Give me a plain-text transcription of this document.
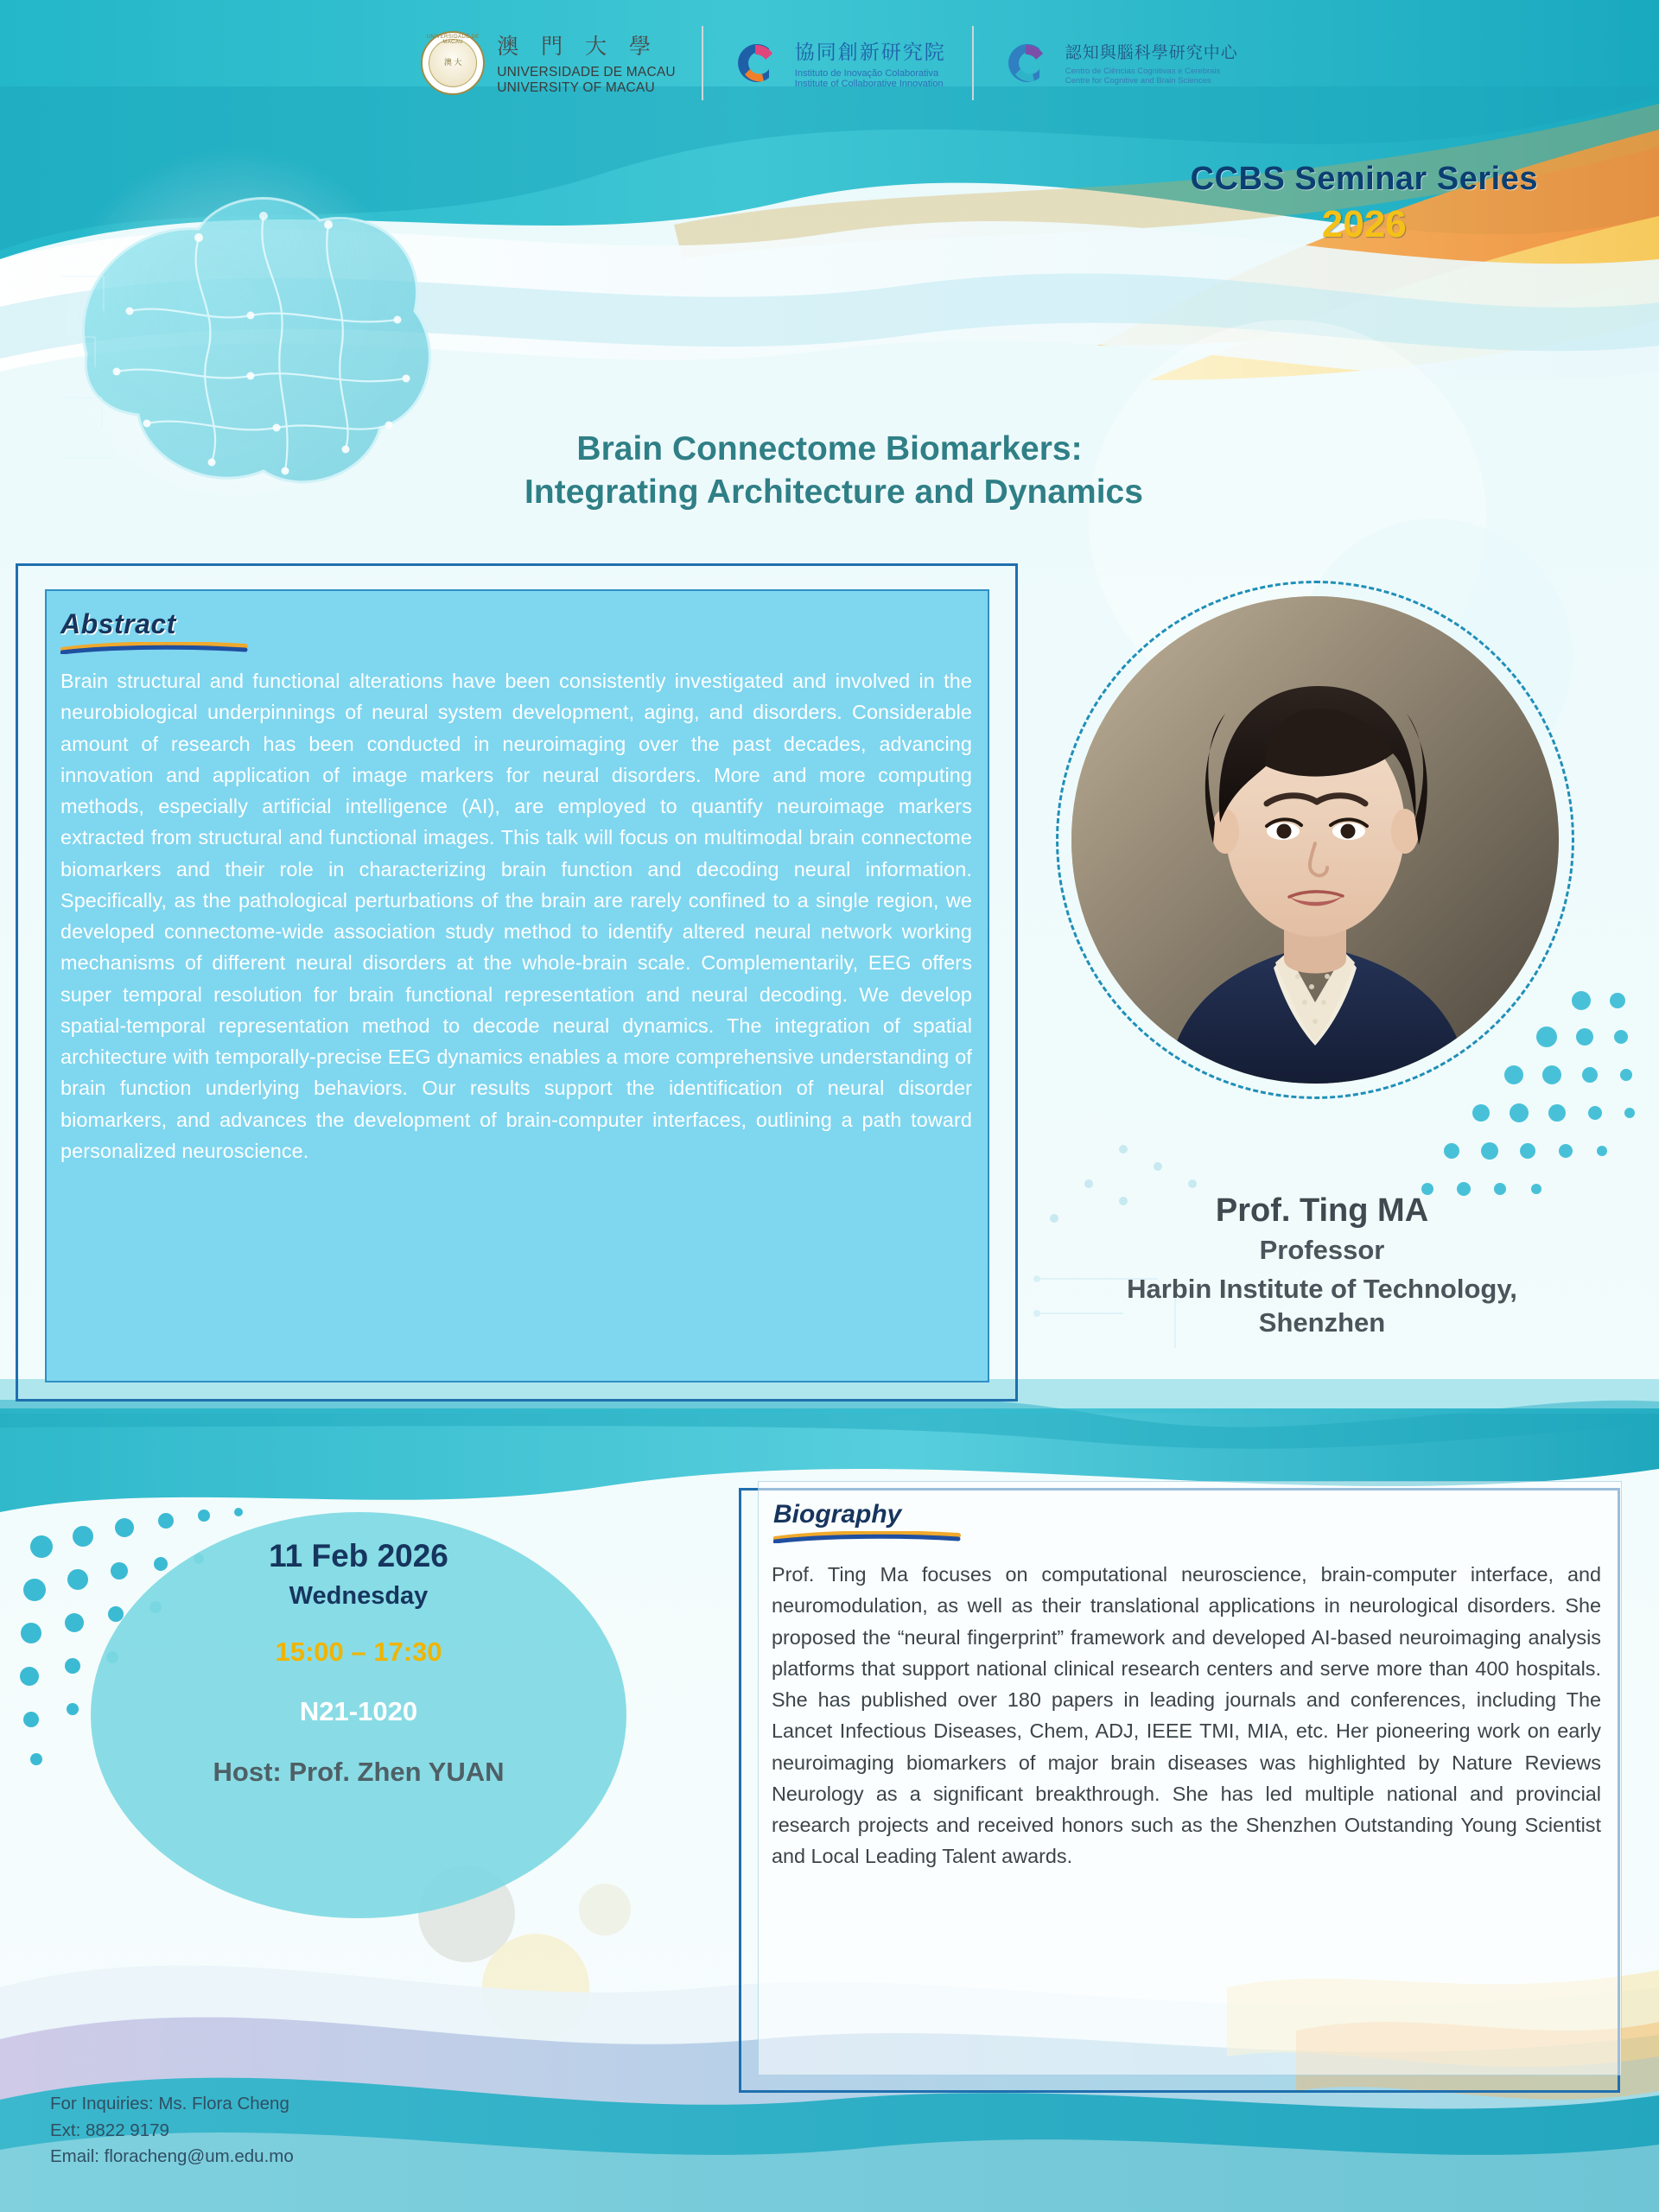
UNIVERSIDADE DE MACAU
澳 大
澳 門 大 學
UNIVERSIDADE DE MACAU
UNIVERSITY OF MACAU
協同創新研究院
Instituto de Inovação Colaborativa
Institute of Collaborative Innovation
認知與腦科學研究中心
Centro de Ciências Cognitivas e Cerebrais
Centre for Cognitive and Brain Sciences
CCBS Seminar Series
2026
Brain Connectome Biomarkers:
Integrating Architecture and Dynamics
Abstract
Brain structural and functional alterations have been consistently investigated and involved in the neurobiological underpinnings of neural system development, aging, and disorders. Considerable amount of research has been conducted in neuroimaging over the past decades, advancing innovation and application of image markers for neural disorders. More and more computing methods, especially artificial intelligence (AI), are employed to quantify neuroimage markers extracted from structural and functional images. This talk will focus on multimodal brain connectome biomarkers and their role in characterizing brain function and decoding neural information. Specifically, as the pathological perturbations of the brain are rarely confined to a single region, we developed connectome-wide association study method to identify altered neural network working mechanisms of different neural disorders at the whole-brain scale. Complementarily, EEG offers super temporal resolution for brain functional representation and neural decoding. We develop spatial-temporal representation method to decode neural dynamics. The integration of spatial architecture with temporally-precise EEG dynamics enables a more comprehensive understanding of brain function underlying behaviors. Our results support the identification of neural disorder biomarkers, and advances the development of brain-computer interfaces, outlining a path toward personalized neuroscience.
Prof. Ting MA
Professor
Harbin Institute of Technology,
Shenzhen
11 Feb 2026
Wednesday
15:00 – 17:30
N21-1020
Host: Prof. Zhen YUAN
Biography
Prof. Ting Ma focuses on computational neuroscience, brain-computer interface, and neuromodulation, as well as their translational applications in neurological disorders. She proposed the “neural fingerprint” framework and developed AI-based neuroimaging analysis platforms that support national clinical research centers and serve more than 400 hospitals. She has published over 180 papers in leading journals and conferences, including The Lancet Infectious Diseases, Chem, ADJ, IEEE TMI, MIA, etc. Her pioneering work on early neuroimaging biomarkers of major brain diseases was highlighted by Nature Reviews Neurology as a significant breakthrough. She has led multiple national and provincial research projects and received honors such as the Shenzhen Outstanding Young Scientist and Local Leading Talent awards.
For Inquiries: Ms. Flora Cheng
Ext: 8822 9179
Email: floracheng@um.edu.mo
